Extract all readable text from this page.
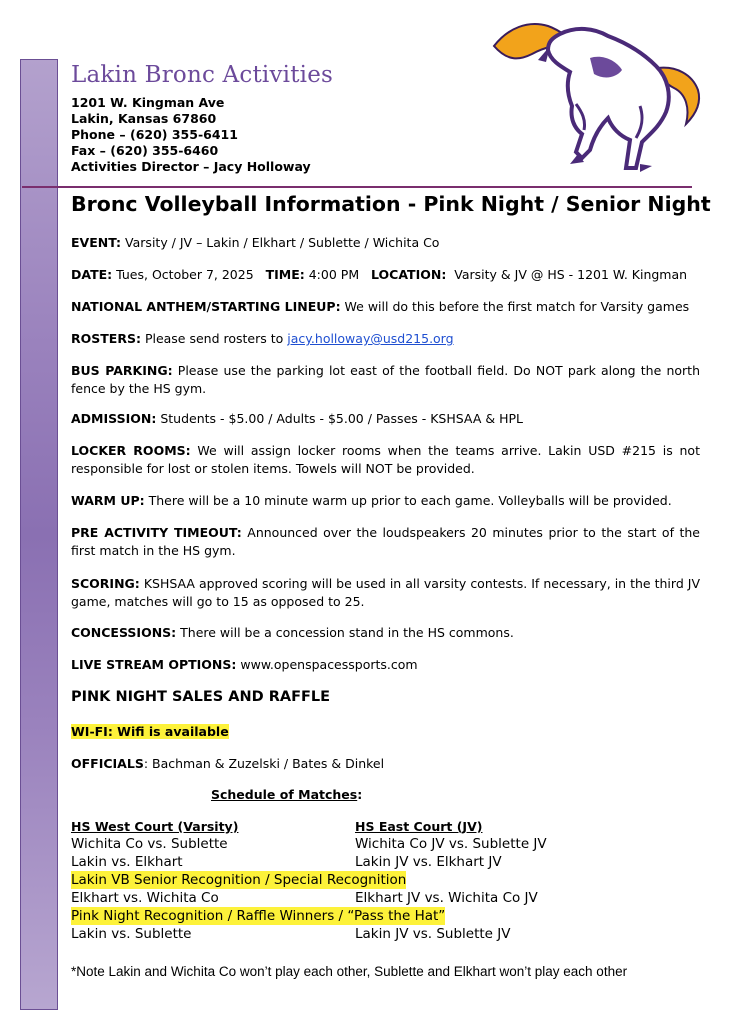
Lakin Bronc Activities
1201 W. Kingman Ave
Lakin, Kansas 67860
Phone – (620) 355-6411
Fax – (620) 355-6460
Activities Director – Jacy Holloway
Bronc Volleyball Information - Pink Night / Senior Night
EVENT: Varsity / JV – Lakin / Elkhart / Sublette / Wichita Co
DATE: Tues, October 7, 2025 TIME: 4:00 PM LOCATION: Varsity & JV @ HS - 1201 W. Kingman
NATIONAL ANTHEM/STARTING LINEUP: We will do this before the first match for Varsity games
ROSTERS: Please send rosters to jacy.holloway@usd215.org
BUS PARKING: Please use the parking lot east of the football field. Do NOT park along the north fence by the HS gym.
ADMISSION: Students - $5.00 / Adults - $5.00 / Passes - KSHSAA & HPL
LOCKER ROOMS: We will assign locker rooms when the teams arrive. Lakin USD #215 is not responsible for lost or stolen items. Towels will NOT be provided.
WARM UP: There will be a 10 minute warm up prior to each game. Volleyballs will be provided.
PRE ACTIVITY TIMEOUT: Announced over the loudspeakers 20 minutes prior to the start of the first match in the HS gym.
SCORING: KSHSAA approved scoring will be used in all varsity contests. If necessary, in the third JV game, matches will go to 15 as opposed to 25.
CONCESSIONS: There will be a concession stand in the HS commons.
LIVE STREAM OPTIONS: www.openspacessports.com
PINK NIGHT SALES AND RAFFLE
WI-FI: Wifi is available
OFFICIALS: Bachman & Zuzelski / Bates & Dinkel
Schedule of Matches:
HS West Court (Varsity)	HS East Court (JV)
Wichita Co vs. Sublette	Wichita Co JV vs. Sublette JV
Lakin vs. Elkhart	Lakin JV vs. Elkhart JV
Lakin VB Senior Recognition / Special Recognition
Elkhart vs. Wichita Co	Elkhart JV vs. Wichita Co JV
Pink Night Recognition / Raffle Winners / “Pass the Hat”
Lakin vs. Sublette	Lakin JV vs. Sublette JV
*Note Lakin and Wichita Co won’t play each other, Sublette and Elkhart won’t play each other
